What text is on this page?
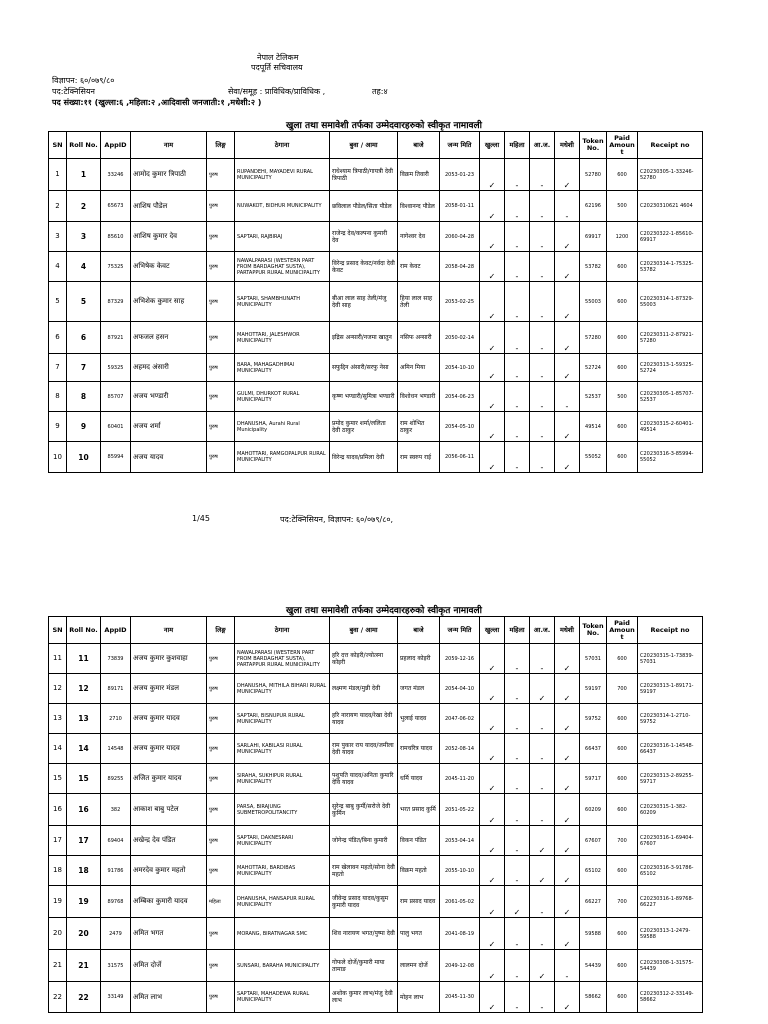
नेपाल टेलिकम
पदपूर्ति सचिवालय
विज्ञापन: ६०/०७९/८०
पद:टेक्निसियन	सेवा/समूह : प्राविधिक/प्राविधिक ,	तह:४
पद संख्या:११ (खुल्ला:६ ,महिला:२ ,आदिवासी जनजाती:१ ,मधेशी:२ )
खुला तथा समावेशी तर्फका उम्मेदवारहरुको स्वीकृत नामावली
SN	Roll No.	AppID	नाम	लिङ्ग	ठेगाना	बुवा / आमा	बाजे	जन्म मिति	खुल्ला	महिला	आ.ज.	मधेशी	Token No.	Paid Amount	Receipt no
1	1	33246	आमोद कुमार त्रिपाठी	पुरुष	RUPANDEHI, MAYADEVI RURAL MUNICIPALITY	राधेश्याम त्रिपाठी/गायत्री देवी त्रिपाठी	विक्रम तिवारी	2053-01-23	✓	-	-	✓	52780	600	C20230305-1-33246-52780
2	2	65673	आशिष पौडेल	पुरुष	NUWAKOT, BIDHUR MUNICIPALITY	छविलाल पौडेल/सिता पौडेल	विश्वानन्द पौडेल	2058-01-11	✓	-	-	-	62196	500	C20230310621 4604
3	3	85610	आशिष कुमार देव	पुरुष	SAPTARI, RAJBIRAJ	राजेन्द्र देव/कल्पना कुमारी देव	नागेश्वर देव	2060-04-28	✓	-	-	✓	69917	1200	C20230322-1-85610-69917
4	4	75325	अभिषेक केवट	पुरुष	NAWALPARASI (WESTERN PART FROM BARDAGHAT SUSTA), PARTAPPUR RURAL MUNICIPALITY	विरेन्द्र प्रसाद केवट/नर्वदा देवी केवट	राम केवट	2058-04-28	✓	-	-	✓	53782	600	C20230314-1-75325-53782
5	5	87329	अभिशेक कुमार साह	पुरुष	SAPTARI, SHAMBHUNATH MUNICIPALITY	बीआ लाल साह तेली/मंजु देवी साह	हिया लाल साह तेली	2053-02-25	✓	-	-	✓	55003	600	C20230314-1-87329-55003
6	6	87921	अफजल हसन	पुरुष	MAHOTTARI, JALESHWOR MUNICIPALITY	इद्रिस अन्सारी/नजमा खातुन	नसिफ अन्सारी	2050-02-14	✓	-	-	✓	57280	600	C20230311-2-87921-57280
7	7	59325	अहमद अंसारी	पुरुष	BARA, MAHAGADHIMAI MUNICIPALITY	सफुद्दिन अंसारी/सरफु नेसा	अमिन मिया	2054-10-10	✓	-	-	✓	52724	600	C20230313-1-59325-52724
8	8	85707	अजय भण्डारी	पुरुष	GULMI, DHURKOT RURAL MUNICIPALITY	कृष्ण भण्डारी/सुमित्रा भण्डारी	विशोधन भण्डारी	2054-06-23	✓	-	-	-	52537	500	C20230305-1-85707-52537
9	9	60401	अजय शर्मा	पुरुष	DHANUSHA, Aurahi Rural Municipality	प्रमोद कुमार शर्मा/ललिता देवी ठाकुर	राम शोभित ठाकुर	2054-05-10	✓	-	-	✓	49514	600	C20230315-2-60401-49514
10	10	85994	अजय यादव	पुरुष	MAHOTTARI, RAMGOPALPUR RURAL MUNICIPALITY	विरेन्द्र यादव/प्रमिला देवी	राम स्वरुप राई	2056-06-11	✓	-	-	✓	55052	600	C20230316-3-85994-55052
1/45	पद:टेक्निसियन, विज्ञापन: ६०/०७९/८०,
खुला तथा समावेशी तर्फका उम्मेदवारहरुको स्वीकृत नामावली
SN	Roll No.	AppID	नाम	लिङ्ग	ठेगाना	बुवा / आमा	बाजे	जन्म मिति	खुल्ला	महिला	आ.ज.	मधेशी	Token No.	Paid Amount	Receipt no
11	11	73839	अजय कुमार कुशवाहा	पुरुष	NAWALPARASI (WESTERN PART FROM BARDAGHAT SUSTA), PARTAPPUR RURAL MUNICIPALITY	हरि दत्त कोइरी/ज्योत्स्ना कोइरी	प्रहलाद कोइरी	2059-12-16	✓	-	-	✓	57031	600	C20230315-1-73839-57031
12	12	89171	अजय कुमार मंडल	पुरुष	DHANUSHA, MITHILA BIHARI RURAL MUNICIPALITY	लक्ष्मण मंडल/मुन्नी देवी	जगत मंडल	2054-04-10	✓	-	✓	✓	59197	700	C20230313-1-89171-59197
13	13	2710	अजय कुमार यादव	पुरुष	SAPTARI, BISNUPUR RURAL MUNICIPALITY	हरि नारायण यादव/रेखा देवी यादव	भुलाई यादव	2047-06-02	✓	-	-	✓	59752	600	C20230314-1-2710-59752
14	14	14548	अजय कुमार यादव	पुरुष	SARLAHI, KABILASI RURAL MUNICIPALITY	राम पुकार राय यादव/जमीला देवी यादव	रामचरित्र यादव	2052-08-14	✓	-	-	✓	66437	600	C20230316-1-14548-66437
15	15	89255	अजित कुमार यादव	पुरुष	SIRAHA, SUKHIPUR RURAL MUNICIPALITY	पशुपति यादव/अनिता कुमारि देवि यादव	धर्मि यादव	2045-11-20	✓	-	-	✓	59717	600	C20230313-2-89255-59717
16	16	382	आकाश बाबु पटेल	पुरुष	PARSA, BIRAJUNG SUBMETROPOLITANCITY	सुरेन्द्र बाबु कुर्मी/सरोजे देवी कुर्मिन	भरत प्रसाद कुर्मि	2051-05-22	✓	-	-	✓	60209	600	C20230315-1-382-60209
17	17	69404	अखेन्द्र देव पंडित	पुरुष	SAPTARI, DAKNESRARI MUNICIPALITY	जोगेन्द्र पंडित/बिना कुमारी	विकन पंडित	2053-04-14	✓	-	✓	✓	67607	700	C20230316-1-69404-67607
18	18	91786	अमरदेव कुमार महतो	पुरुष	MAHOTTARI, BARDIBAS MUNICIPALITY	राम खेलावन महतो/सोना देवी महतो	विक्रम महतो	2055-10-10	✓	-	✓	✓	65102	600	C20230316-3-91786-65102
19	19	89768	अम्बिका कुमारी यादव	महिला	DHANUSHA, HANSAPUR RURAL MUNICIPALITY	जीवेन्द्र प्रसाद यादव/कुसुम कुमारी यादव	राम प्रसाद यादव	2061-05-02	✓	✓	-	✓	66227	700	C20230316-1-89768-66227
20	20	2479	अमित भगत	पुरुष	MORANG, BIRATNAGAR SMC	शिव नारायण भगत/पुष्पा देवी	पालु भगत	2041-08-19	✓	-	-	✓	59588	600	C20230313-1-2479-59588
21	21	31575	अमित दोर्जे	पुरुष	SUNSARI, BARAHA MUNICIPALITY	गोफले दोर्जे/कुमारी माया तामाङ	लालमन दोर्जे	2049-12-08	✓	-	✓	-	54439	600	C20230308-1-31575-54439
22	22	33149	अमित लाभ	पुरुष	SAPTARI, MAHADEWA RURAL MUNICIPALITY	अशोक कुमार लाभ/मंजु देवी लाभ	मोहन लाभ	2045-11-30	✓	-	-	✓	58662	600	C20230312-2-33149-58662
